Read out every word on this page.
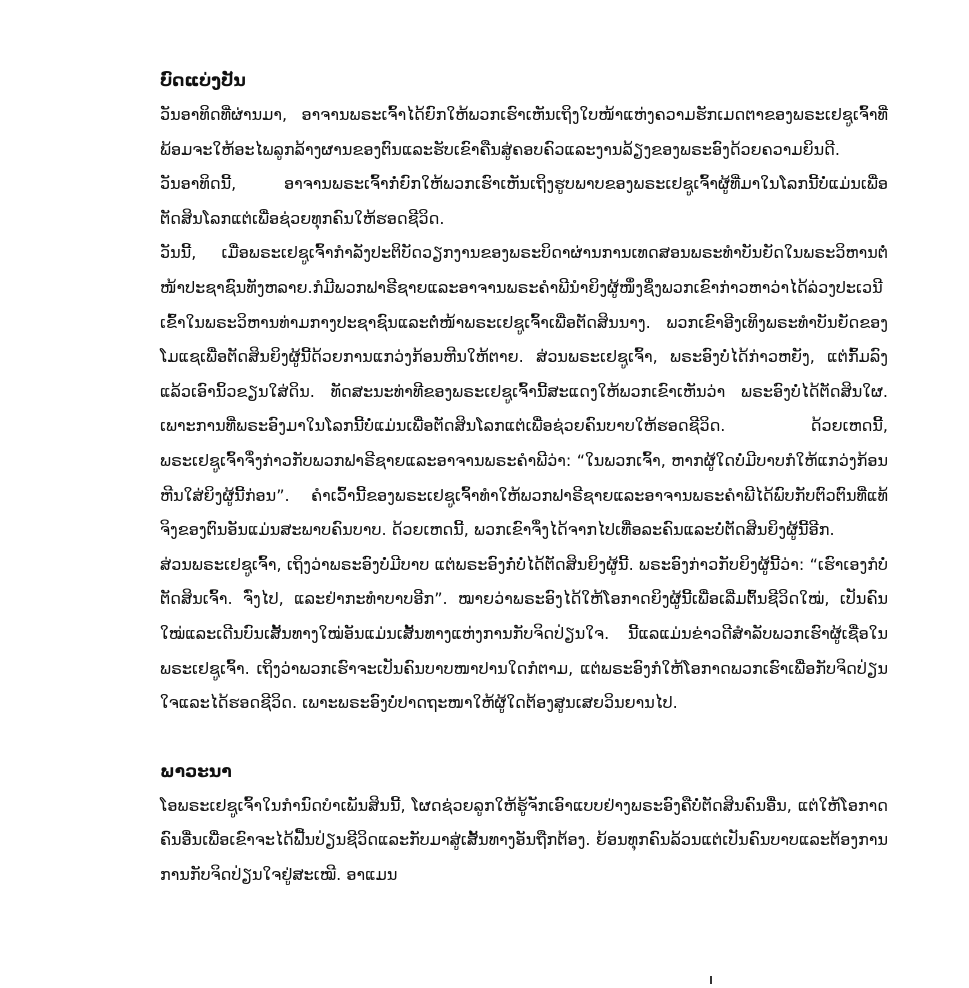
ບົດແບ່ງປັນ

ວັນອາທິດທີ່ຜ່ານມາ, ອາຈານພຣະເຈົ້າໄດ້ຍົກໃຫ້ພວກເຮົາເຫັນເຖິງໃບໜ້າແຫ່ງຄວາມຮັກເມດຕາຂອງພຣະເຢຊູເຈົ້າທີ່ພ້ອມຈະໃຫ້ອະໄພລູກລ້າງຜານຂອງຕົນແລະຮັບເຂົາຄືນສູ່ຄອບຄົວແລະງານລ້ຽງຂອງພຣະອົງດ້ວຍຄວາມຍິນດີ.

ວັນອາທິດນີ້, ອາຈານພຣະເຈົ້າກໍ່ຍົກໃຫ້ພວກເຮົາເຫັນເຖິງຮູບພາບຂອງພຣະເຢຊູເຈົ້າຜູ້ທີ່ມາໃນໂລກນີ້ບໍ່ແມ່ນເພື່ອຕັດສິນໂລກແຕ່ເພື່ອຊ່ວຍທຸກຄົນໃຫ້ຮອດຊີວິດ.

ວັນນີ້, ເມື່ອພຣະເຢຊູເຈົ້າກຳລັງປະຕິບັດວຽກງານຂອງພຣະບິດາຜ່ານການເທດສອນພຣະທຳບັນຍັດໃນພຣະວິຫານຕໍ່ໜ້າປະຊາຊົນທັງຫລາຍ.ກໍມີພວກຟາຣີຊາຍແລະອາຈານພຣະຄຳພີນຳຍິງຜູ້ໜຶ່ງຊຶ່ງພວກເຂົາກ່າວຫາວ່າໄດ້ລ່ວງປະເວນີເຂົ້າໃນພຣະວິຫານທ່າມກາງປະຊາຊົນແລະຕໍ່ໜ້າພຣະເຢຊູເຈົ້າເພື່ອຕັດສິນນາງ. ພວກເຂົາອີງເທິງພຣະທຳບັນຍັດຂອງໂມແຊເພື່ອຕັດສິນຍິງຜູ້ນີ້ດ້ວຍການແກວ່ງກ້ອນຫີນໃຫ້ຕາຍ. ສ່ວນພຣະເຢຊູເຈົ້າ, ພຣະອົງບໍ່ໄດ້ກ່າວຫຍັງ, ແຕ່ກົ້ມລົງແລ້ວເອົານິ້ວຂຽນໃສ່ດິນ. ທັດສະນະທ່າທີຂອງພຣະເຢຊູເຈົ້ານີ້ສະແດງໃຫ້ພວກເຂົາເຫັນວ່າ ພຣະອົງບໍ່ໄດ້ຕັດສິນໃຜ. ເພາະການທີ່ພຣະອົງມາໃນໂລກນີ້ບໍ່ແມ່ນເພື່ອຕັດສິນໂລກແຕ່ເພື່ອຊ່ວຍຄົນບາບໃຫ້ຮອດຊີວິດ. ດ້ວຍເຫດນີ້, ພຣະເຢຊູເຈົ້າຈຶ່ງກ່າວກັບພວກຟາຣີຊາຍແລະອາຈານພຣະຄຳພີວ່າ: “ໃນພວກເຈົ້າ, ຫາກຜູ້ໃດບໍ່ມີບາບກໍໃຫ້ແກວ່ງກ້ອນຫີນໃສ່ຍິງຜູ້ນີ້ກ່ອນ”. ຄຳເວົ້ານີ້ຂອງພຣະເຢຊູເຈົ້າທຳໃຫ້ພວກຟາຣີຊາຍແລະອາຈານພຣະຄຳພີໄດ້ພົບກັບຕົວຕົນທີ່ແທ້ຈິງຂອງຕົນອັນແມ່ນສະພາບຄົນບາບ. ດ້ວຍເຫດນີ້, ພວກເຂົາຈຶ່ງໄດ້ຈາກໄປເທື່ອລະຄົນແລະບໍ່ຕັດສິນຍິງຜູ້ນີ້ອີກ.

ສ່ວນພຣະເຢຊູເຈົ້າ, ເຖິງວ່າພຣະອົງບໍ່ມີບາບ ແຕ່ພຣະອົງກໍ່ບໍ່ໄດ້ຕັດສິນຍິງຜູ້ນີ້. ພຣະອົງກ່າວກັບຍິງຜູ້ນີ້ວ່າ: “ເຮົາເອງກໍບໍ່ຕັດສິນເຈົ້າ. ຈົ່ງໄປ, ແລະຢ່າກະທຳບາບອີກ”. ໝາຍວ່າພຣະອົງໄດ້ໃຫ້ໂອກາດຍິງຜູ້ນີ້ເພື່ອເລີ່ມຕົ້ນຊີວິດໃໝ່, ເປັນຄົນໃໝ່ແລະເດີນບົນເສັ້ນທາງໃໝ່ອັນແມ່ນເສັ້ນທາງແຫ່ງການກັບຈິດປ່ຽນໃຈ. ນີ້ແລແມ່ນຂ່າວດີສຳລັບພວກເຮົາຜູ້ເຊື່ອໃນພຣະເຢຊູເຈົ້າ. ເຖິງວ່າພວກເຮົາຈະເປັນຄົນບາບໜາປານໃດກໍຕາມ, ແຕ່ພຣະອົງກໍໃຫ້ໂອກາດພວກເຮົາເພື່ອກັບຈິດປ່ຽນໃຈແລະໄດ້ຮອດຊີວິດ. ເພາະພຣະອົງບໍ່ປາດຖະໜາໃຫ້ຜູ້ໃດຕ້ອງສູນເສຍວິນຍານໄປ.

ພາວະນາ

ໂອພຣະເຢຊູເຈົ້າໃນກຳນົດບຳເພັນສິນນີ້, ໂຜດຊ່ວຍລູກໃຫ້ຮູ້ຈັກເອົາແບບຢ່າງພຣະອົງຄືບໍ່ຕັດສິນຄົນອື່ນ, ແຕ່ໃຫ້ໂອກາດຄົນອື່ນເພື່ອເຂົາຈະໄດ້ຟື້ນປ່ຽນຊີວິດແລະກັບມາສູ່ເສັ້ນທາງອັນຖືກຕ້ອງ. ຍ້ອນທຸກຄົນລ້ວນແຕ່ເປັນຄົນບາບແລະຕ້ອງການການກັບຈິດປ່ຽນໃຈຢູ່ສະເໝີ. ອາແມນ
